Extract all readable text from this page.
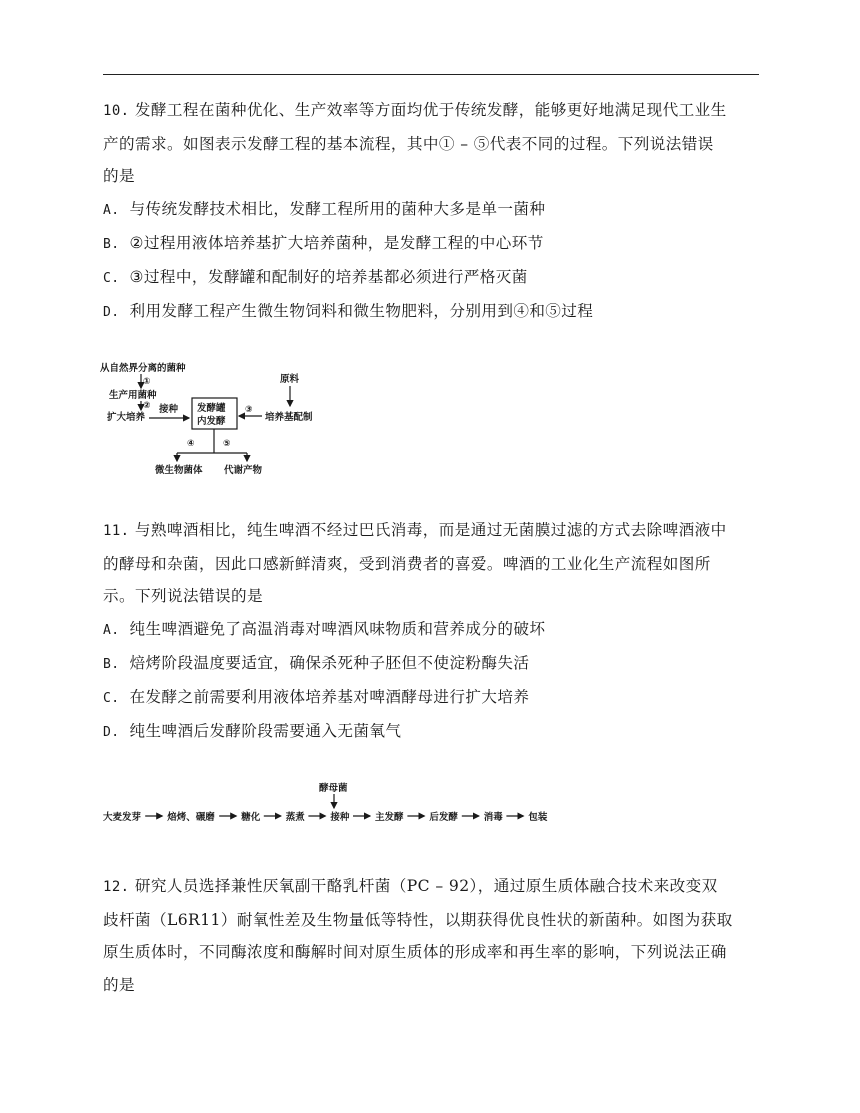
10. 发酵工程在菌种优化、生产效率等方面均优于传统发酵，能够更好地满足现代工业生
产的需求。如图表示发酵工程的基本流程，其中① – ⑤代表不同的过程。下列说法错误
的是
A. 与传统发酵技术相比，发酵工程所用的菌种大多是单一菌种
B. ②过程用液体培养基扩大培养菌种，是发酵工程的中心环节
C. ③过程中，发酵罐和配制好的培养基都必须进行严格灭菌
D. 利用发酵工程产生微生物饲料和微生物肥料，分别用到④和⑤过程
从自然界分离的菌种
①
生产用菌种
②
扩大培养
接种 发酵罐
内发酵
原料
培养基配制
③
④	⑤
微生物菌体 代谢产物
11. 与熟啤酒相比，纯生啤酒不经过巴氏消毒，而是通过无菌膜过滤的方式去除啤酒液中
的酵母和杂菌，因此口感新鲜清爽，受到消费者的喜爱。啤酒的工业化生产流程如图所
示。下列说法错误的是
A. 纯生啤酒避免了高温消毒对啤酒风味物质和营养成分的破坏
B. 焙烤阶段温度要适宜，确保杀死种子胚但不使淀粉酶失活
C. 在发酵之前需要利用液体培养基对啤酒酵母进行扩大培养
D. 纯生啤酒后发酵阶段需要通入无菌氧气
酵母菌
大麦发芽	焙烤、碾磨	糖化	蒸煮	接种	主发酵	后发酵	消毒	包装
12. 研究人员选择兼性厌氧副干酪乳杆菌（PC – 92），通过原生质体融合技术来改变双
歧杆菌（L6R11）耐氧性差及生物量低等特性，以期获得优良性状的新菌种。如图为获取
原生质体时，不同酶浓度和酶解时间对原生质体的形成率和再生率的影响，下列说法正确
的是
